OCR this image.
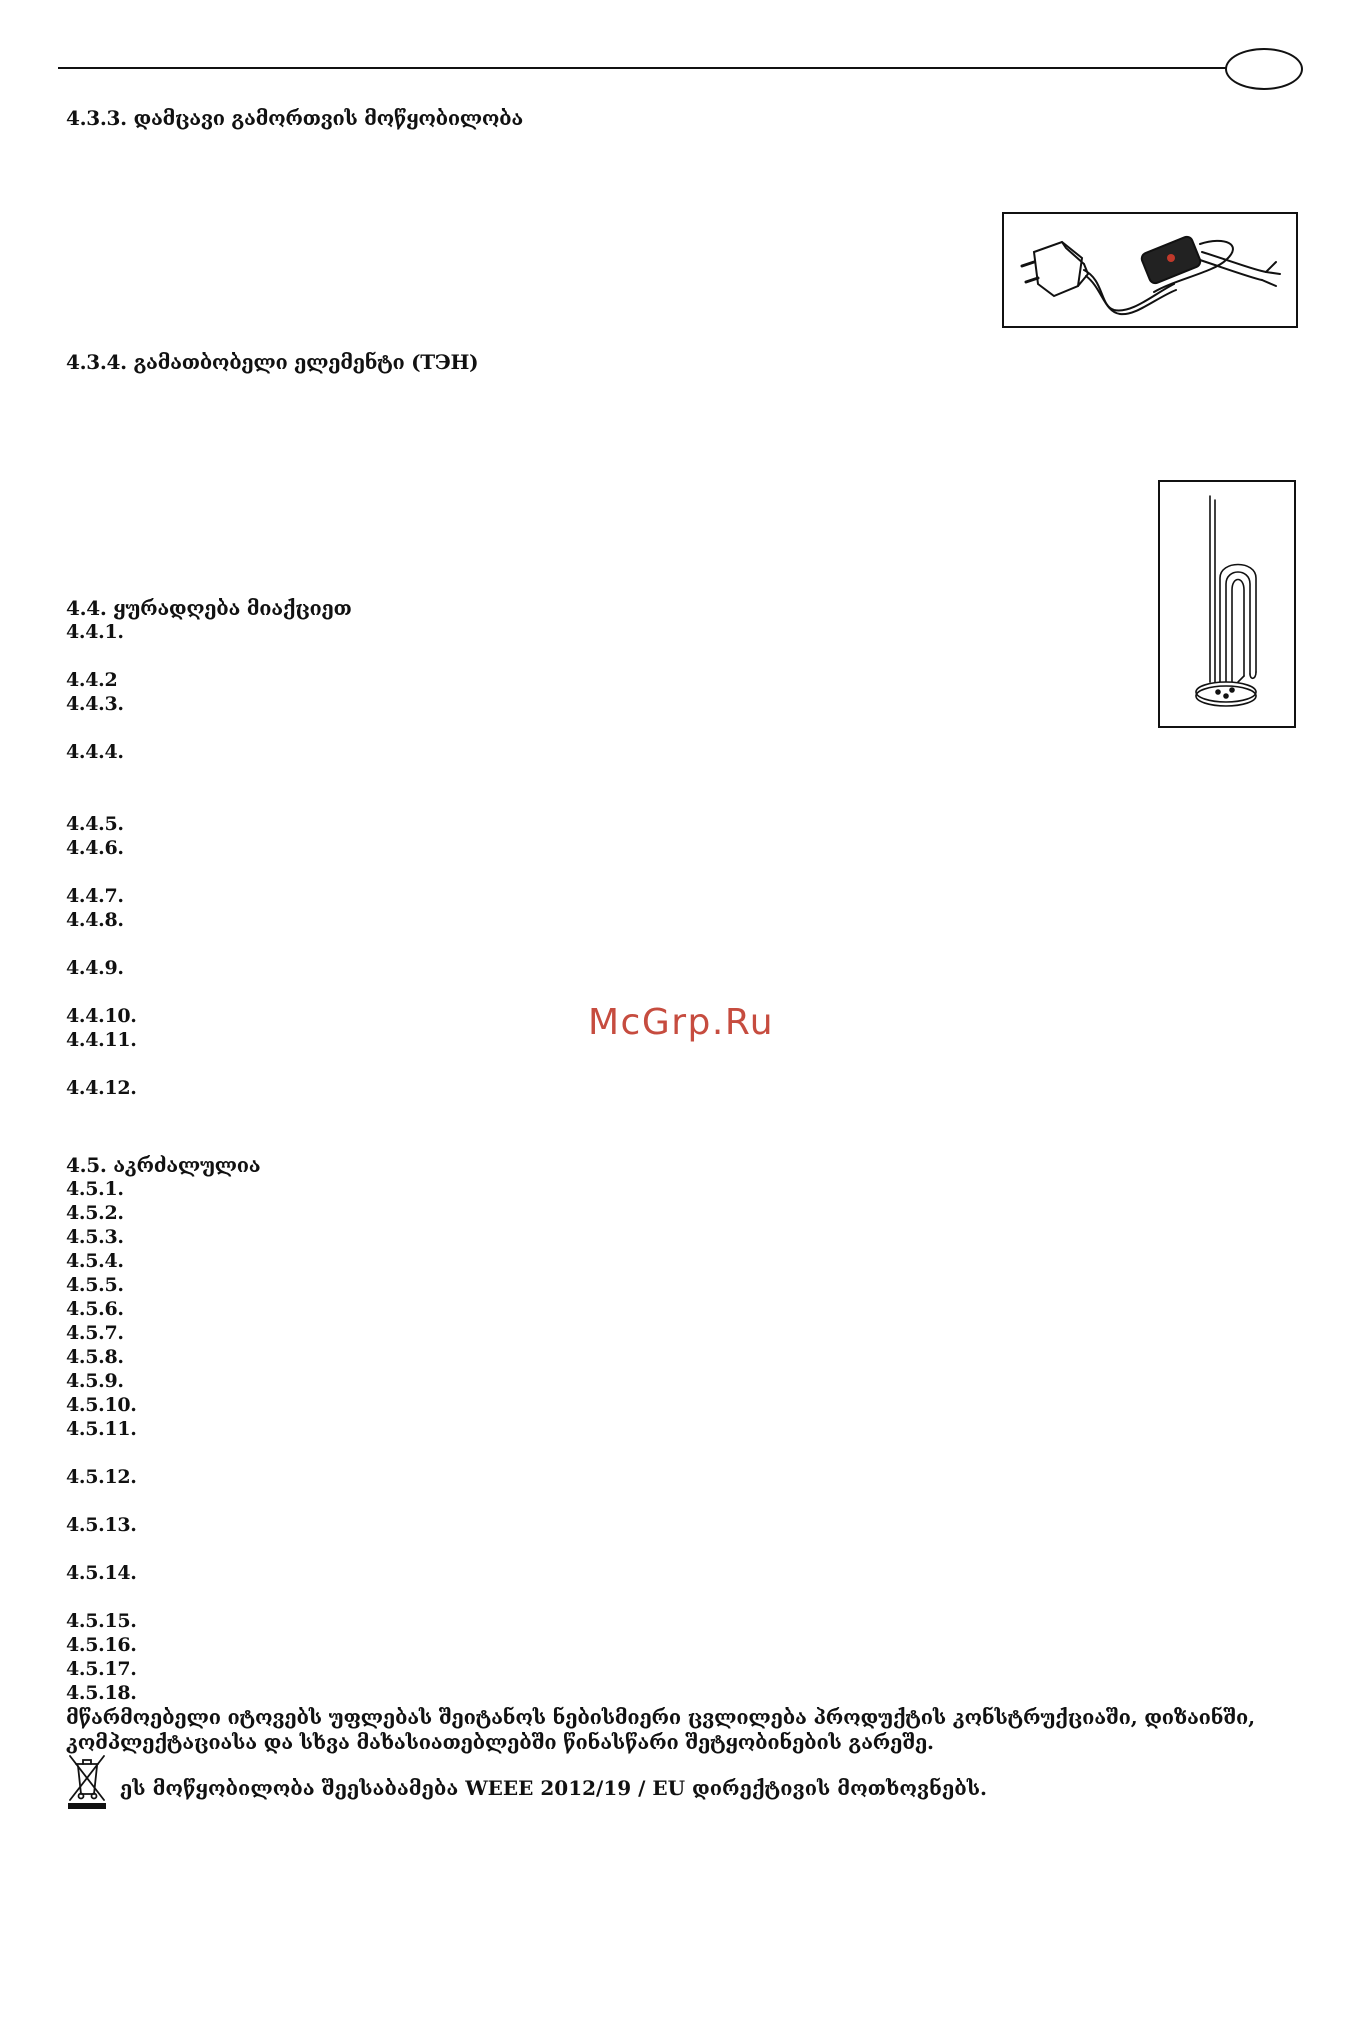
4.3.3. დამცავი გამორთვის მოწყობილობა
4.3.4. გამათბობელი ელემენტი (ТЭН)
4.4. ყურადღება მიაქციეთ
4.4.1.
4.4.2
4.4.3.
4.4.4.
4.4.5.
4.4.6.
4.4.7.
4.4.8.
4.4.9.
4.4.10.
4.4.11.
4.4.12.
McGrp.Ru
4.5. აკრძალულია
4.5.1.
4.5.2.
4.5.3.
4.5.4.
4.5.5.
4.5.6.
4.5.7.
4.5.8.
4.5.9.
4.5.10.
4.5.11.
4.5.12.
4.5.13.
4.5.14.
4.5.15.
4.5.16.
4.5.17.
4.5.18.
მწარმოებელი იტოვებს უფლებას შეიტანოს ნებისმიერი ცვლილება პროდუქტის კონსტრუქციაში, დიზაინში, კომპლექტაციასა და სხვა მახასიათებლებში წინასწარი შეტყობინების გარეშე.
ეს მოწყობილობა შეესაბამება WEEE 2012/19 / EU დირექტივის მოთხოვნებს.
